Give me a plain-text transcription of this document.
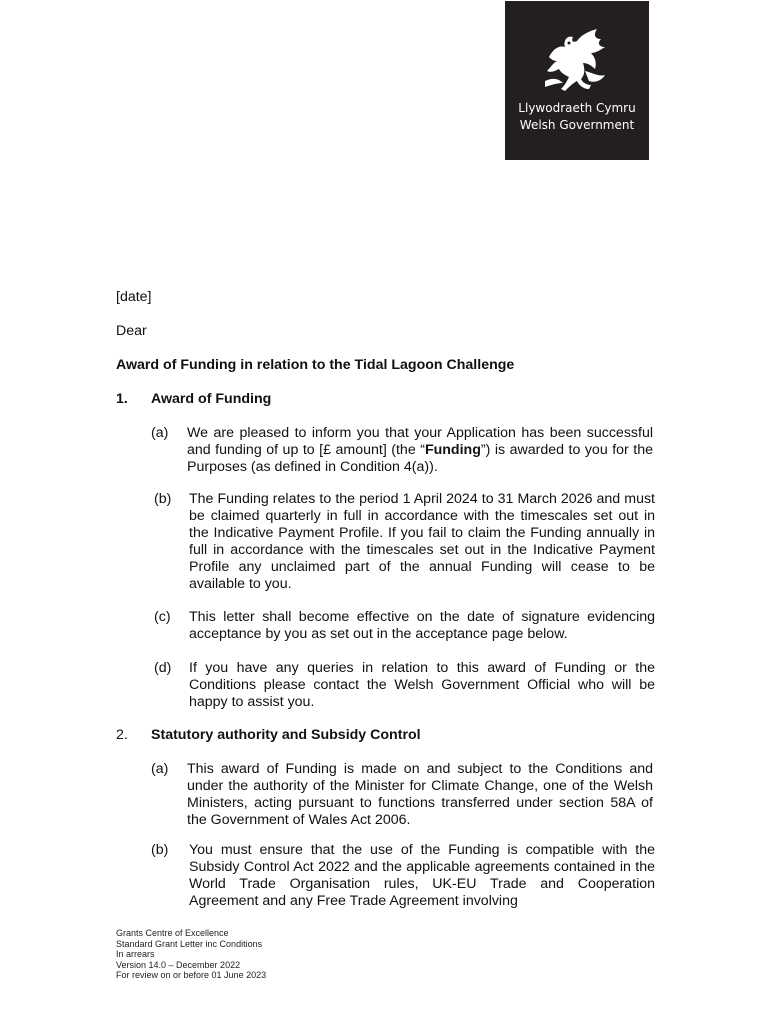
Llywodraeth Cymru
Welsh Government
[date]
Dear
Award of Funding in relation to the Tidal Lagoon Challenge
1. Award of Funding
(a) We are pleased to inform you that your Application has been successful and funding of up to [£ amount] (the “Funding”) is awarded to you for the Purposes (as defined in Condition 4(a)).
(b) The Funding relates to the period 1 April 2024 to 31 March 2026 and must be claimed quarterly in full in accordance with the timescales set out in the Indicative Payment Profile. If you fail to claim the Funding annually in full in accordance with the timescales set out in the Indicative Payment Profile any unclaimed part of the annual Funding will cease to be available to you.
(c) This letter shall become effective on the date of signature evidencing acceptance by you as set out in the acceptance page below.
(d) If you have any queries in relation to this award of Funding or the Conditions please contact the Welsh Government Official who will be happy to assist you.
2. Statutory authority and Subsidy Control
(a) This award of Funding is made on and subject to the Conditions and under the authority of the Minister for Climate Change, one of the Welsh Ministers, acting pursuant to functions transferred under section 58A of the Government of Wales Act 2006.
(b) You must ensure that the use of the Funding is compatible with the Subsidy Control Act 2022 and the applicable agreements contained in the World Trade Organisation rules, UK-EU Trade and Cooperation Agreement and any Free Trade Agreement involving
Grants Centre of Excellence
Standard Grant Letter inc Conditions
In arrears
Version 14.0 – December 2022
For review on or before 01 June 2023
